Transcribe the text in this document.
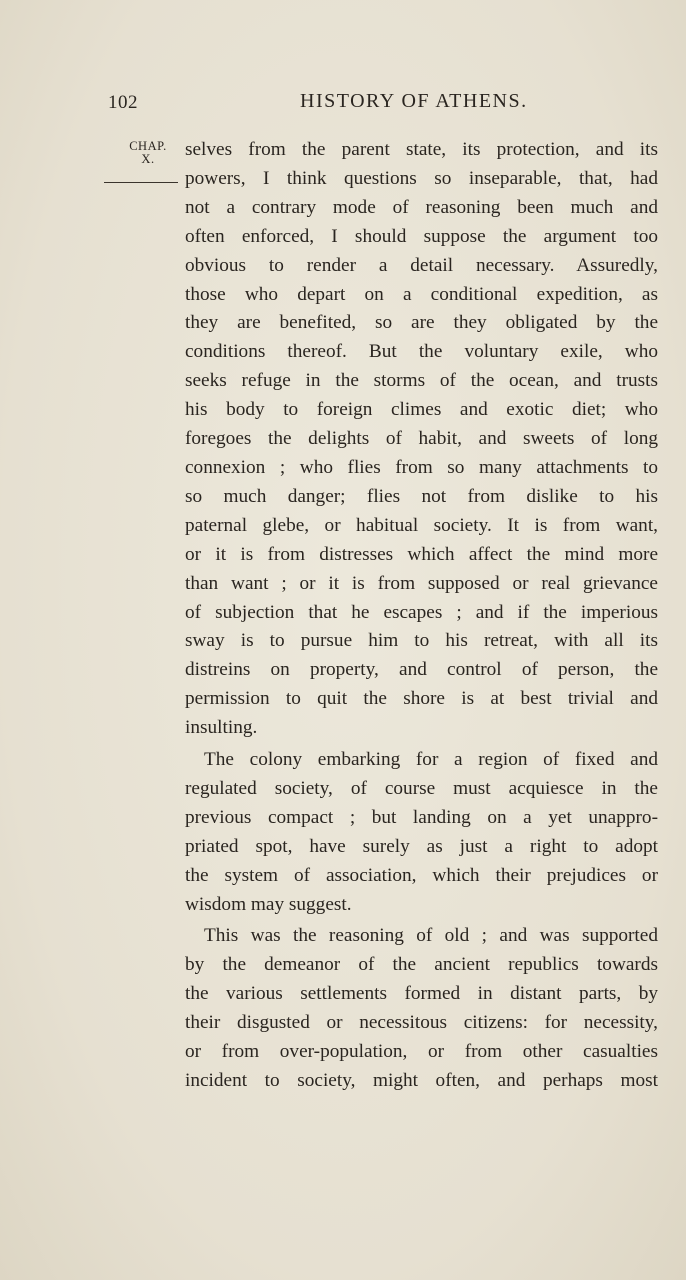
102	HISTORY OF ATHENS.
CHAP.
X.	selves from the parent state, its protection, and its

powers, I think questions so inseparable, that, had

not a contrary mode of reasoning been much and

often enforced, I should suppose the argument too

obvious to render a detail necessary. Assuredly,

those who depart on a conditional expedition, as

they are benefited, so are they obligated by the

conditions thereof. But the voluntary exile, who

seeks refuge in the storms of the ocean, and trusts

his body to foreign climes and exotic diet; who

foregoes the delights of habit, and sweets of long

connexion ; who flies from so many attachments to

so much danger; flies not from dislike to his

paternal glebe, or habitual society. It is from want,

or it is from distresses which affect the mind more

than want ; or it is from supposed or real grievance

of subjection that he escapes ; and if the imperious

sway is to pursue him to his retreat, with all its

distreins on property, and control of person, the

permission to quit the shore is at best trivial and

insulting.

The colony embarking for a region of fixed and

regulated society, of course must acquiesce in the

previous compact ; but landing on a yet unappro-

priated spot, have surely as just a right to adopt

the system of association, which their prejudices or

wisdom may suggest.

This was the reasoning of old ; and was supported

by the demeanor of the ancient republics towards

the various settlements formed in distant parts, by

their disgusted or necessitous citizens: for necessity,

or from over-population, or from other casualties

incident to society, might often, and perhaps most
